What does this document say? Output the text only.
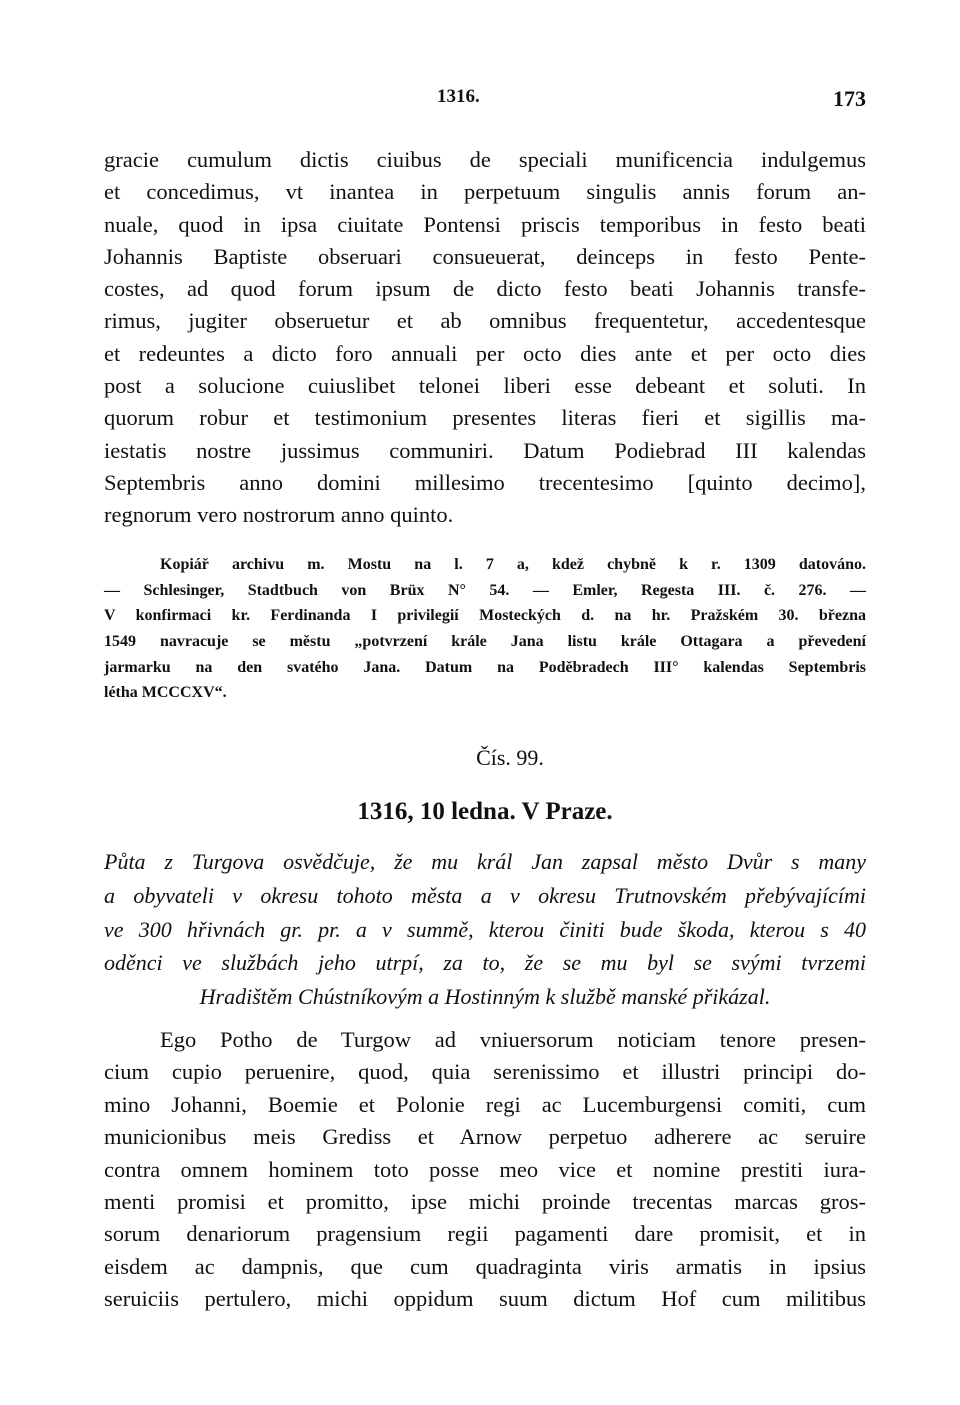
1316.	173
gracie cumulum dictis ciuibus de speciali munificencia indulgemus
et concedimus, vt inantea in perpetuum singulis annis forum an-
nuale, quod in ipsa ciuitate Pontensi priscis temporibus in festo beati
Johannis Baptiste obseruari consueuerat, deinceps in festo Pente-
costes, ad quod forum ipsum de dicto festo beati Johannis transfe-
rimus, jugiter obseruetur et ab omnibus frequentetur, accedentesque
et redeuntes a dicto foro annuali per octo dies ante et per octo dies
post a solucione cuiuslibet telonei liberi esse debeant et soluti. In
quorum robur et testimonium presentes literas fieri et sigillis ma-
iestatis nostre jussimus communiri. Datum Podiebrad III kalendas
Septembris anno domini millesimo trecentesimo [quinto decimo],
regnorum vero nostrorum anno quinto.
Kopiář archivu m. Mostu na l. 7 a, kdež chybně k r. 1309 datováno.
— Schlesinger, Stadtbuch von Brüx N° 54. — Emler, Regesta III. č. 276. —
V konfirmaci kr. Ferdinanda I privilegií Mosteckých d. na hr. Pražském 30. března
1549 navracuje se městu „potvrzení krále Jana listu krále Ottagara a převedení
jarmarku na den svatého Jana. Datum na Poděbradech III° kalendas Septembris
létha MCCCXV“.
Čís. 99.
1316, 10 ledna. V Praze.
Půta z Turgova osvědčuje, že mu král Jan zapsal město Dvůr s many
a obyvateli v okresu tohoto města a v okresu Trutnovském přebývajícími
ve 300 hřivnách gr. pr. a v summě, kterou činiti bude škoda, kterou s 40
oděnci ve službách jeho utrpí, za to, že se mu byl se svými tvrzemi
Hradištěm Chústníkovým a Hostinným k službě manské přikázal.
Ego Potho de Turgow ad vniuersorum noticiam tenore presen-
cium cupio peruenire, quod, quia serenissimo et illustri principi do-
mino Johanni, Boemie et Polonie regi ac Lucemburgensi comiti, cum
municionibus meis Grediss et Arnow perpetuo adherere ac seruire
contra omnem hominem toto posse meo vice et nomine prestiti iura-
menti promisi et promitto, ipse michi proinde trecentas marcas gros-
sorum denariorum pragensium regii pagamenti dare promisit, et in
eisdem ac dampnis, que cum quadraginta viris armatis in ipsius
seruiciis pertulero, michi oppidum suum dictum Hof cum militibus
